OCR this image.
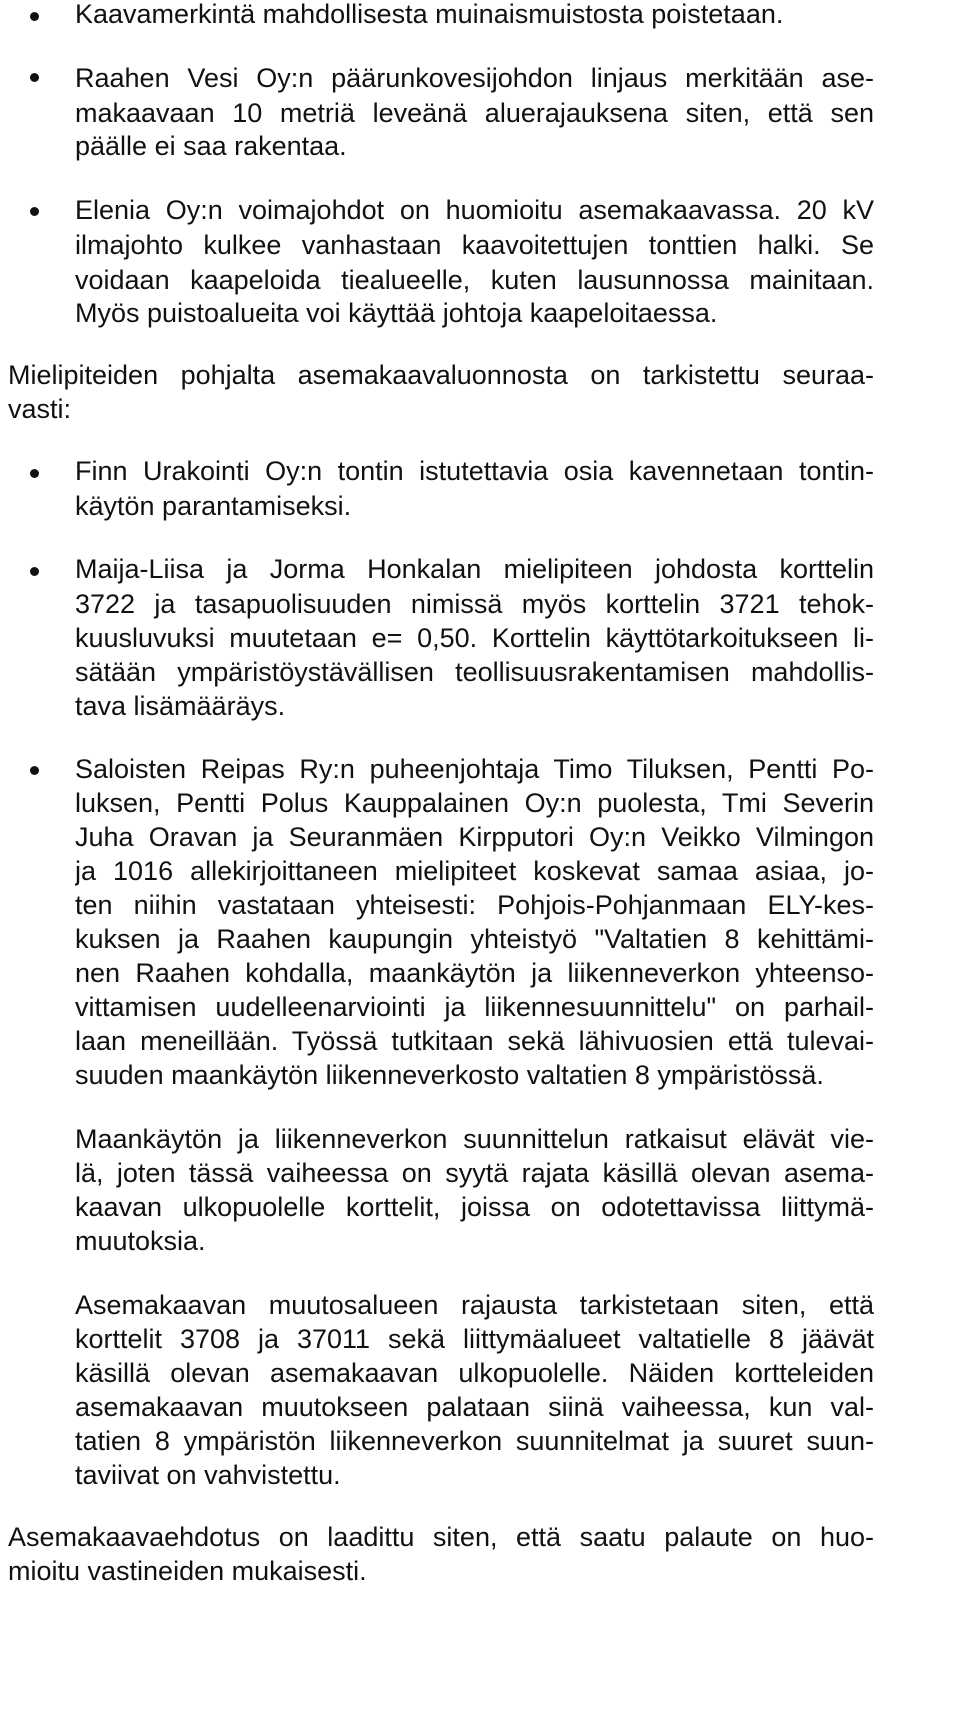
Kaavamerkintä mahdollisesta muinaismuistosta poistetaan.

Raahen Vesi Oy:n päärunkovesijohdon linjaus merkitään ase-

makaavaan 10 metriä leveänä aluerajauksena siten, että sen

päälle ei saa rakentaa.

Elenia Oy:n voimajohdot on huomioitu asemakaavassa. 20 kV

ilmajohto kulkee vanhastaan kaavoitettujen tonttien halki. Se

voidaan kaapeloida tiealueelle, kuten lausunnossa mainitaan.

Myös puistoalueita voi käyttää johtoja kaapeloitaessa.

Mielipiteiden pohjalta asemakaavaluonnosta on tarkistettu seuraa-

vasti:

Finn Urakointi Oy:n tontin istutettavia osia kavennetaan tontin-

käytön parantamiseksi.

Maija-Liisa ja Jorma Honkalan mielipiteen johdosta korttelin

3722 ja tasapuolisuuden nimissä myös korttelin 3721 tehok-

kuusluvuksi muutetaan e= 0,50. Korttelin käyttötarkoitukseen li-

sätään ympäristöystävällisen teollisuusrakentamisen mahdollis-

tava lisämääräys.

Saloisten Reipas Ry:n puheenjohtaja Timo Tiluksen, Pentti Po-

luksen, Pentti Polus Kauppalainen Oy:n puolesta, Tmi Severin

Juha Oravan ja Seuranmäen Kirpputori Oy:n Veikko Vilmingon

ja 1016 allekirjoittaneen mielipiteet koskevat samaa asiaa, jo-

ten niihin vastataan yhteisesti: Pohjois-Pohjanmaan ELY-kes-

kuksen ja Raahen kaupungin yhteistyö "Valtatien 8 kehittämi-

nen Raahen kohdalla, maankäytön ja liikenneverkon yhteenso-

vittamisen uudelleenarviointi ja liikennesuunnittelu" on parhail-

laan meneillään. Työssä tutkitaan sekä lähivuosien että tulevai-

suuden maankäytön liikenneverkosto valtatien 8 ympäristössä.

Maankäytön ja liikenneverkon suunnittelun ratkaisut elävät vie-

lä, joten tässä vaiheessa on syytä rajata käsillä olevan asema-

kaavan ulkopuolelle korttelit, joissa on odotettavissa liittymä-

muutoksia.

Asemakaavan muutosalueen rajausta tarkistetaan siten, että

korttelit 3708 ja 37011 sekä liittymäalueet valtatielle 8 jäävät

käsillä olevan asemakaavan ulkopuolelle. Näiden kortteleiden

asemakaavan muutokseen palataan siinä vaiheessa, kun val-

tatien 8 ympäristön liikenneverkon suunnitelmat ja suuret suun-

taviivat on vahvistettu.

Asemakaavaehdotus on laadittu siten, että saatu palaute on huo-

mioitu vastineiden mukaisesti.
